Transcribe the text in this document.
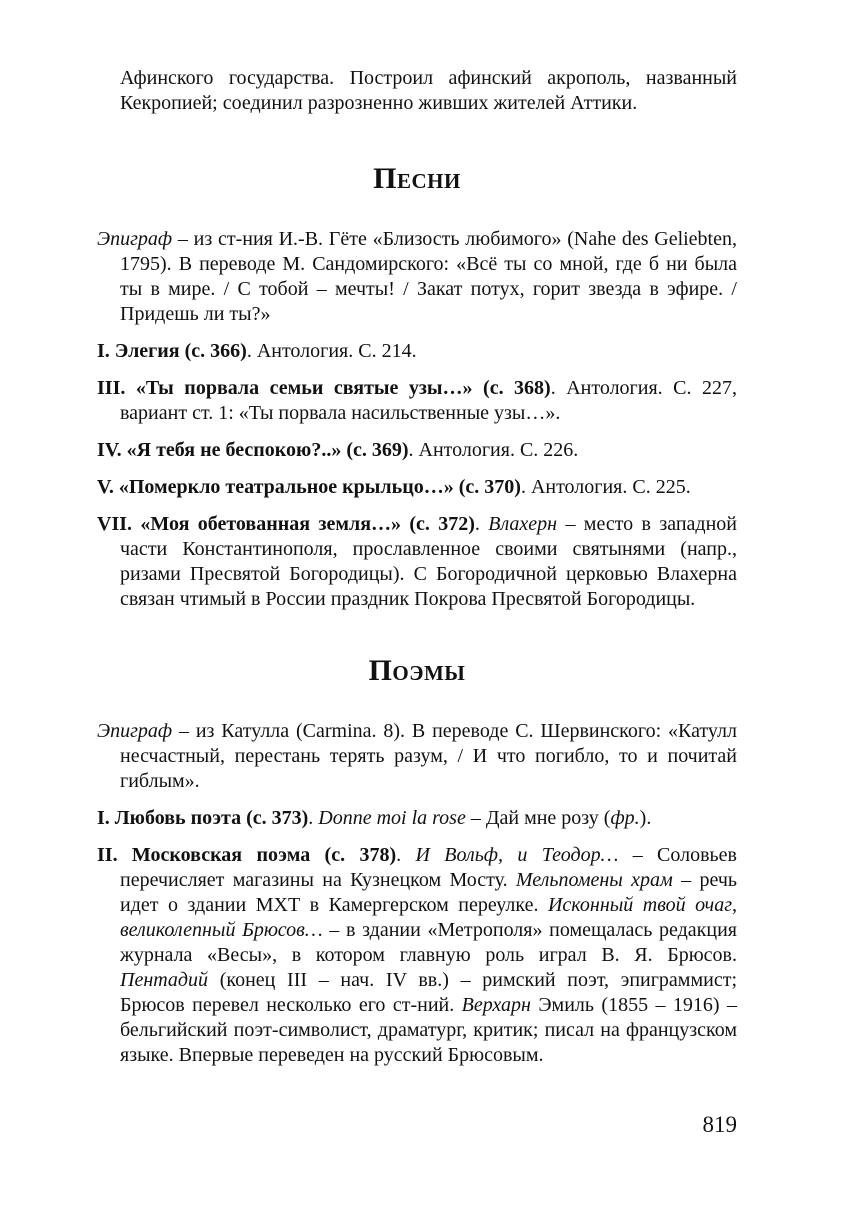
Афинского государства. Построил афинский акрополь, названный Кекропией; соединил разрозненно живших жителей Аттики.

Песни

Эпиграф – из ст-ния И.-В. Гёте «Близость любимого» (Nahe des Geliebten, 1795). В переводе М. Сандомирского: «Всё ты со мной, где б ни была ты в мире. / С тобой – мечты! / Закат потух, горит звезда в эфире. / Придешь ли ты?»

I. Элегия (с. 366). Антология. С. 214.

III. «Ты порвала семьи святые узы…» (с. 368). Антология. С. 227, вариант ст. 1: «Ты порвала насильственные узы…».

IV. «Я тебя не беспокою?..» (с. 369). Антология. С. 226.

V. «Померкло театральное крыльцо…» (с. 370). Антология. С. 225.

VII. «Моя обетованная земля…» (с. 372). Влахерн – место в западной части Константинополя, прославленное своими святынями (напр., ризами Пресвятой Богородицы). С Богородичной церковью Влахерна связан чтимый в России праздник Покрова Пресвятой Богородицы.

Поэмы

Эпиграф – из Катулла (Carmina. 8). В переводе С. Шервинского: «Катулл несчастный, перестань терять разум, / И что погибло, то и почитай гиблым».

I. Любовь поэта (с. 373). Donne moi la rose – Дай мне розу (фр.).

II. Московская поэма (с. 378). И Вольф, и Теодор… – Соловьев перечисляет магазины на Кузнецком Мосту. Мельпомены храм – речь идет о здании МХТ в Камергерском переулке. Исконный твой очаг, великолепный Брюсов… – в здании «Метрополя» помещалась редакция журнала «Весы», в котором главную роль играл В. Я. Брюсов. Пентадий (конец III – нач. IV вв.) – римский поэт, эпиграммист; Брюсов перевел несколько его ст-ний. Верхарн Эмиль (1855 – 1916) – бельгийский поэт-символист, драматург, критик; писал на французском языке. Впервые переведен на русский Брюсовым.

819
